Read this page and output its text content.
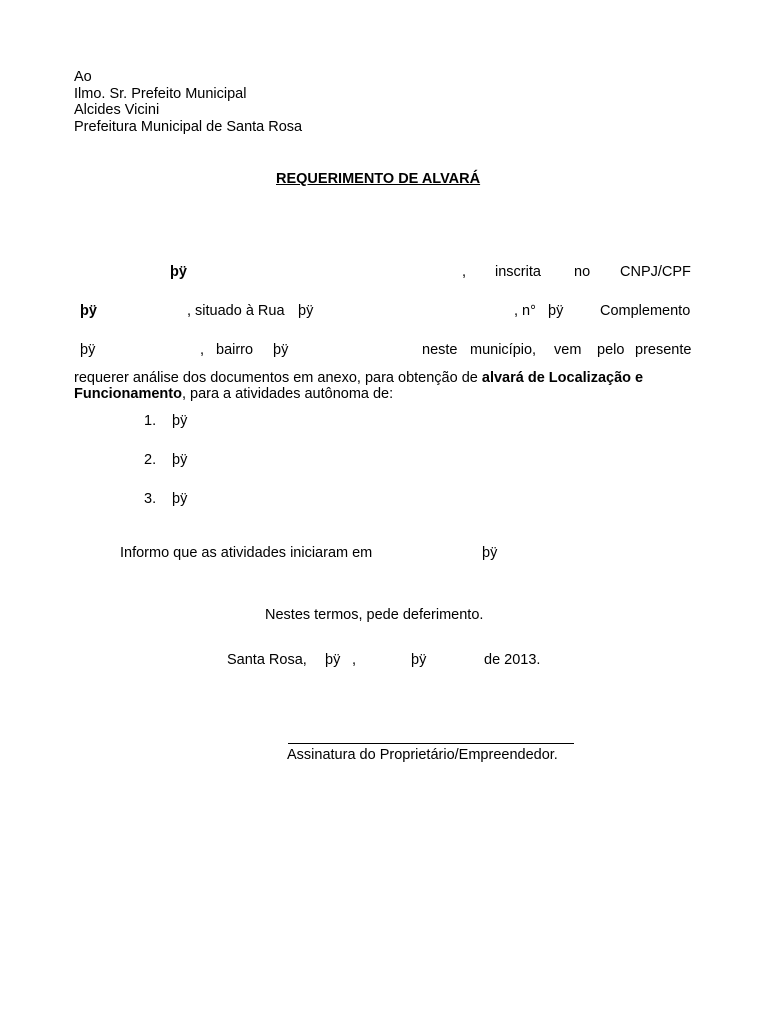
Ao
Ilmo. Sr. Prefeito Municipal
Alcides Vicini
Prefeitura Municipal de Santa Rosa
REQUERIMENTO DE ALVARÁ
þÿ	, inscrita no CNPJ/CPF
þÿ	, situado à Rua þÿ	, n° þÿ	Complemento
þÿ	, bairro þÿ	neste município, vem pelo presente
requerer análise dos documentos em anexo, para obtenção de alvará de Localização e
Funcionamento, para a atividades autônoma de:
1. þÿ
2. þÿ
3. þÿ
Informo que as atividades iniciaram em	þÿ
Nestes termos, pede deferimento.
Santa Rosa, þÿ ,	þÿ	de 2013.
Assinatura do Proprietário/Empreendedor.
